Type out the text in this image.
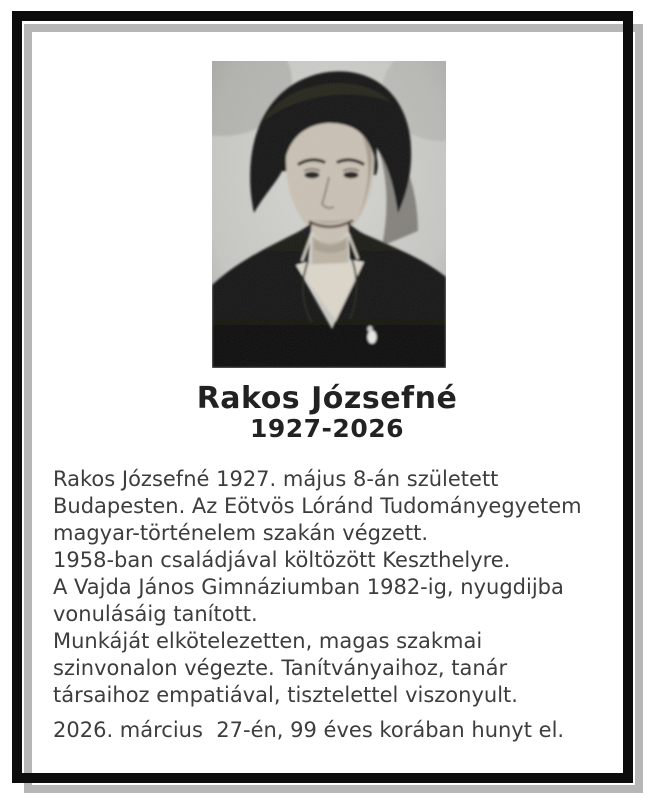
Rakos Józsefné
1927-2026
Rakos Józsefné 1927. május 8-án született
Budapesten. Az Eötvös Lóránd Tudományegyetem
magyar-történelem szakán végzett.
1958-ban családjával költözött Keszthelyre.
A Vajda János Gimnáziumban 1982-ig, nyugdijba
vonulásáig tanított.
Munkáját elkötelezetten, magas szakmai
szinvonalon végezte. Tanítványaihoz, tanár
társaihoz empatiával, tisztelettel viszonyult.
2026. március  27-én, 99 éves korában hunyt el.
